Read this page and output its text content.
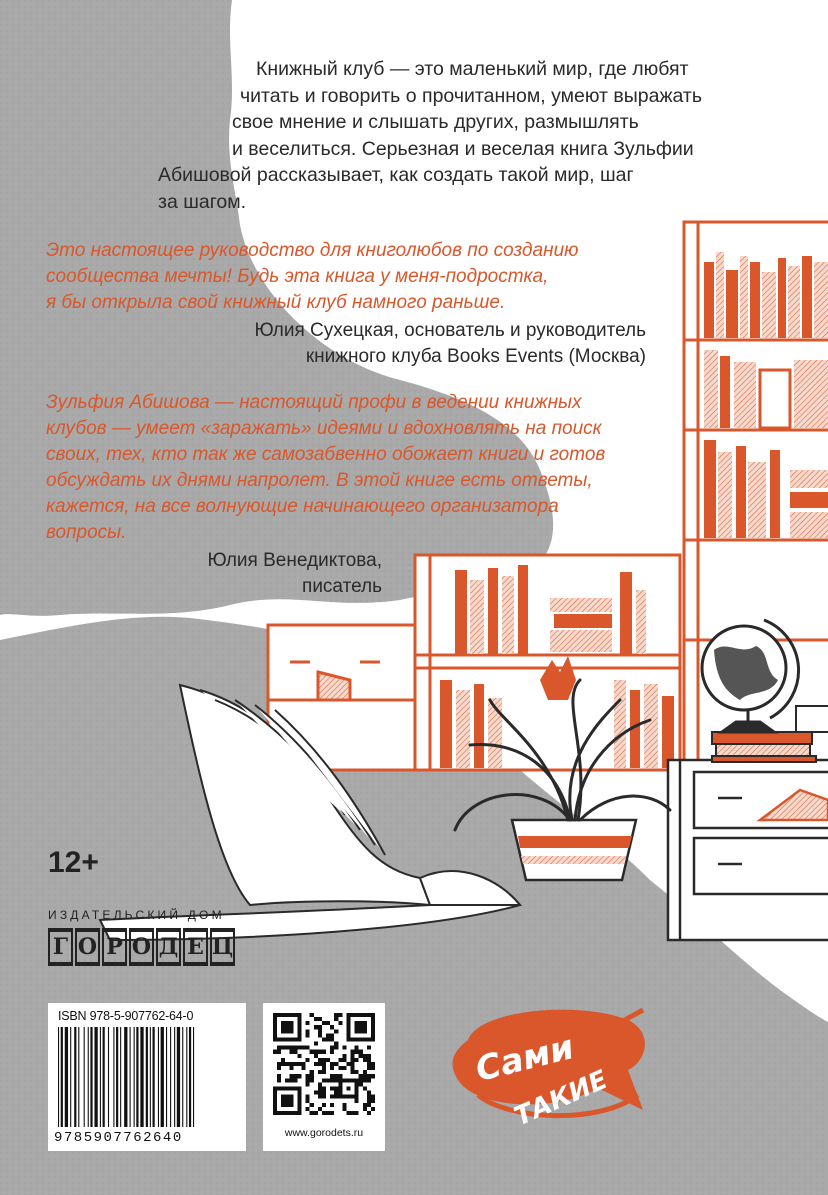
Книжный клуб — это маленький мир, где любят
читать и говорить о прочитанном, умеют выражать
свое мнение и слышать других, размышлять
и веселиться. Серьезная и веселая книга Зульфии
Абишовой рассказывает, как создать такой мир, шаг
за шагом.
Это настоящее руководство для книголюбов по созданию
сообщества мечты! Будь эта книга у меня-подростка,
я бы открыла свой книжный клуб намного раньше.
Юлия Сухецкая, основатель и руководитель
книжного клуба Books Events (Москва)
Зульфия Абишова — настоящий профи в ведении книжных
клубов — умеет «заражать» идеями и вдохновлять на поиск
своих, тех, кто так же самозабвенно обожает книги и готов
обсуждать их днями напролет. В этой книге есть ответы,
кажется, на все волнующие начинающего организатора
вопросы.
Юлия Венедиктова,
писатель
12+
ИЗДАТЕЛЬСКИЙ ДОМ
Г О Р О Д Е Ц
ISBN 978-5-907762-64-0
9785907762640	www.gorodets.ru
Сами
ТАКИЕ
